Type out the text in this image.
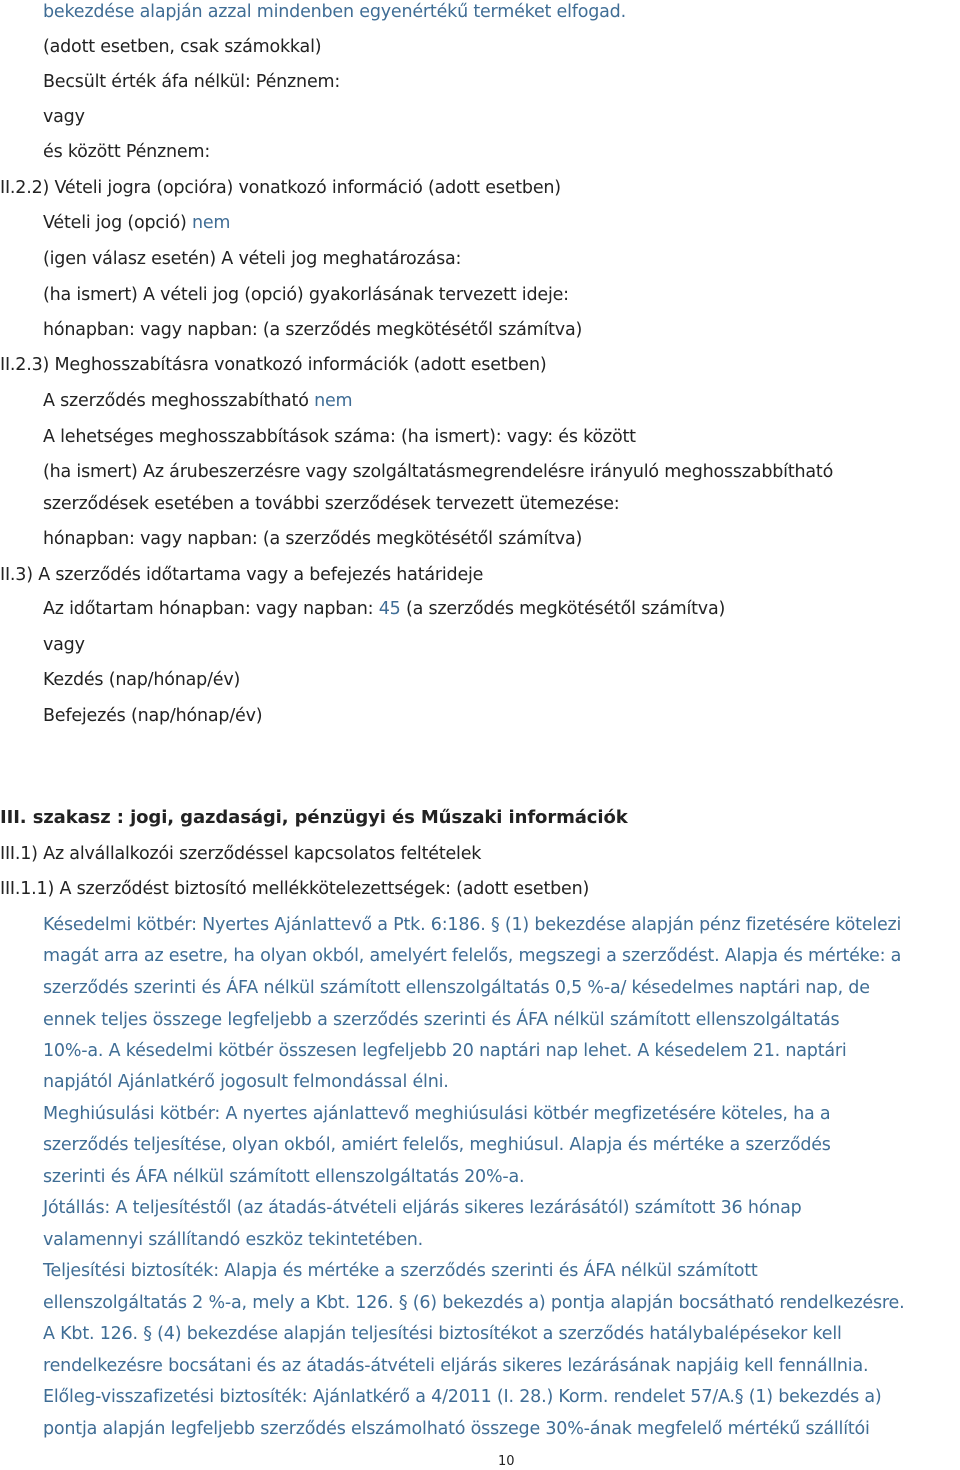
bekezdése alapján azzal mindenben egyenértékű terméket elfogad.
(adott esetben, csak számokkal)
Becsült érték áfa nélkül: Pénznem:
vagy
és között Pénznem:
II.2.2) Vételi jogra (opcióra) vonatkozó információ (adott esetben)
Vételi jog (opció) nem
(igen válasz esetén) A vételi jog meghatározása:
(ha ismert) A vételi jog (opció) gyakorlásának tervezett ideje:
hónapban: vagy napban: (a szerződés megkötésétől számítva)
II.2.3) Meghosszabításra vonatkozó információk (adott esetben)
A szerződés meghosszabítható nem
A lehetséges meghosszabbítások száma: (ha ismert): vagy: és között
(ha ismert) Az árubeszerzésre vagy szolgáltatásmegrendelésre irányuló meghosszabbítható
szerződések esetében a további szerződések tervezett ütemezése:
hónapban: vagy napban: (a szerződés megkötésétől számítva)
II.3) A szerződés időtartama vagy a befejezés határideje
Az időtartam hónapban: vagy napban: 45 (a szerződés megkötésétől számítva)
vagy
Kezdés (nap/hónap/év)
Befejezés (nap/hónap/év)
III. szakasz : jogi, gazdasági, pénzügyi és Műszaki információk
III.1) Az alvállalkozói szerződéssel kapcsolatos feltételek
III.1.1) A szerződést biztosító mellékkötelezettségek: (adott esetben)
Késedelmi kötbér: Nyertes Ajánlattevő a Ptk. 6:186. § (1) bekezdése alapján pénz fizetésére kötelezi
magát arra az esetre, ha olyan okból, amelyért felelős, megszegi a szerződést. Alapja és mértéke: a
szerződés szerinti és ÁFA nélkül számított ellenszolgáltatás 0,5 %-a/ késedelmes naptári nap, de
ennek teljes összege legfeljebb a szerződés szerinti és ÁFA nélkül számított ellenszolgáltatás
10%-a. A késedelmi kötbér összesen legfeljebb 20 naptári nap lehet. A késedelem 21. naptári
napjától Ajánlatkérő jogosult felmondással élni.
Meghiúsulási kötbér: A nyertes ajánlattevő meghiúsulási kötbér megfizetésére köteles, ha a
szerződés teljesítése, olyan okból, amiért felelős, meghiúsul. Alapja és mértéke a szerződés
szerinti és ÁFA nélkül számított ellenszolgáltatás 20%-a.
Jótállás: A teljesítéstől (az átadás-átvételi eljárás sikeres lezárásától) számított 36 hónap
valamennyi szállítandó eszköz tekintetében.
Teljesítési biztosíték: Alapja és mértéke a szerződés szerinti és ÁFA nélkül számított
ellenszolgáltatás 2 %-a, mely a Kbt. 126. § (6) bekezdés a) pontja alapján bocsátható rendelkezésre.
A Kbt. 126. § (4) bekezdése alapján teljesítési biztosítékot a szerződés hatálybalépésekor kell
rendelkezésre bocsátani és az átadás-átvételi eljárás sikeres lezárásának napjáig kell fennállnia.
Előleg-visszafizetési biztosíték: Ajánlatkérő a 4/2011 (I. 28.) Korm. rendelet 57/A.§ (1) bekezdés a)
pontja alapján legfeljebb szerződés elszámolható összege 30%-ának megfelelő mértékű szállítói
10
